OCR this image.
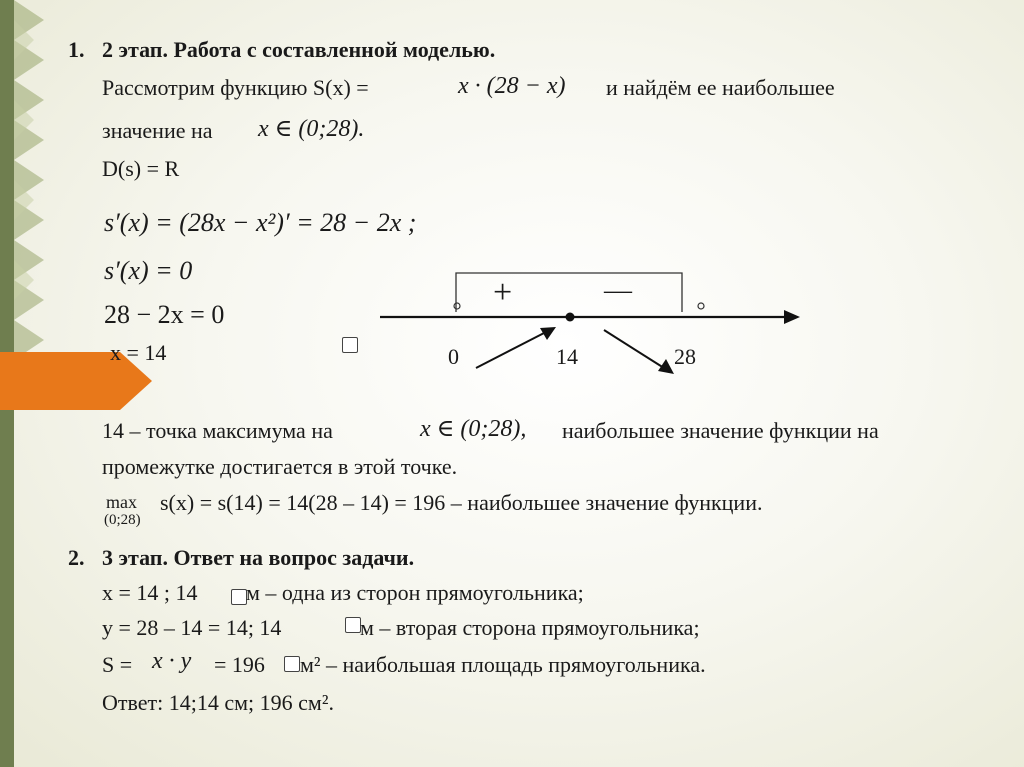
1. 2 этап. Работа с составленной моделью.
Рассмотрим функцию S(x) =	x · (28 − x) и найдём ее наибольшее
значение на x ∈ (0;28).
D(s) = R
s′(x) = (28x − x²)′ = 28 − 2x ;
s′(x) = 0
28 − 2x = 0
x = 14
+	—
0	14	28
14 – точка максимума на	x ∈ (0;28), наибольшее значение функции на
промежутке достигается в этой точке.
max
(0;28)
s(x) = s(14) = 14(28 – 14) = 196 – наибольшее значение функции.
2. 3 этап. Ответ на вопрос задачи.
x = 14 ; 14 м – одна из сторон прямоугольника;
y = 28 – 14 = 14; 14	м – вторая сторона прямоугольника;
S = x · y = 196 м² – наибольшая площадь прямоугольника.
Ответ: 14;14 см; 196 см².
